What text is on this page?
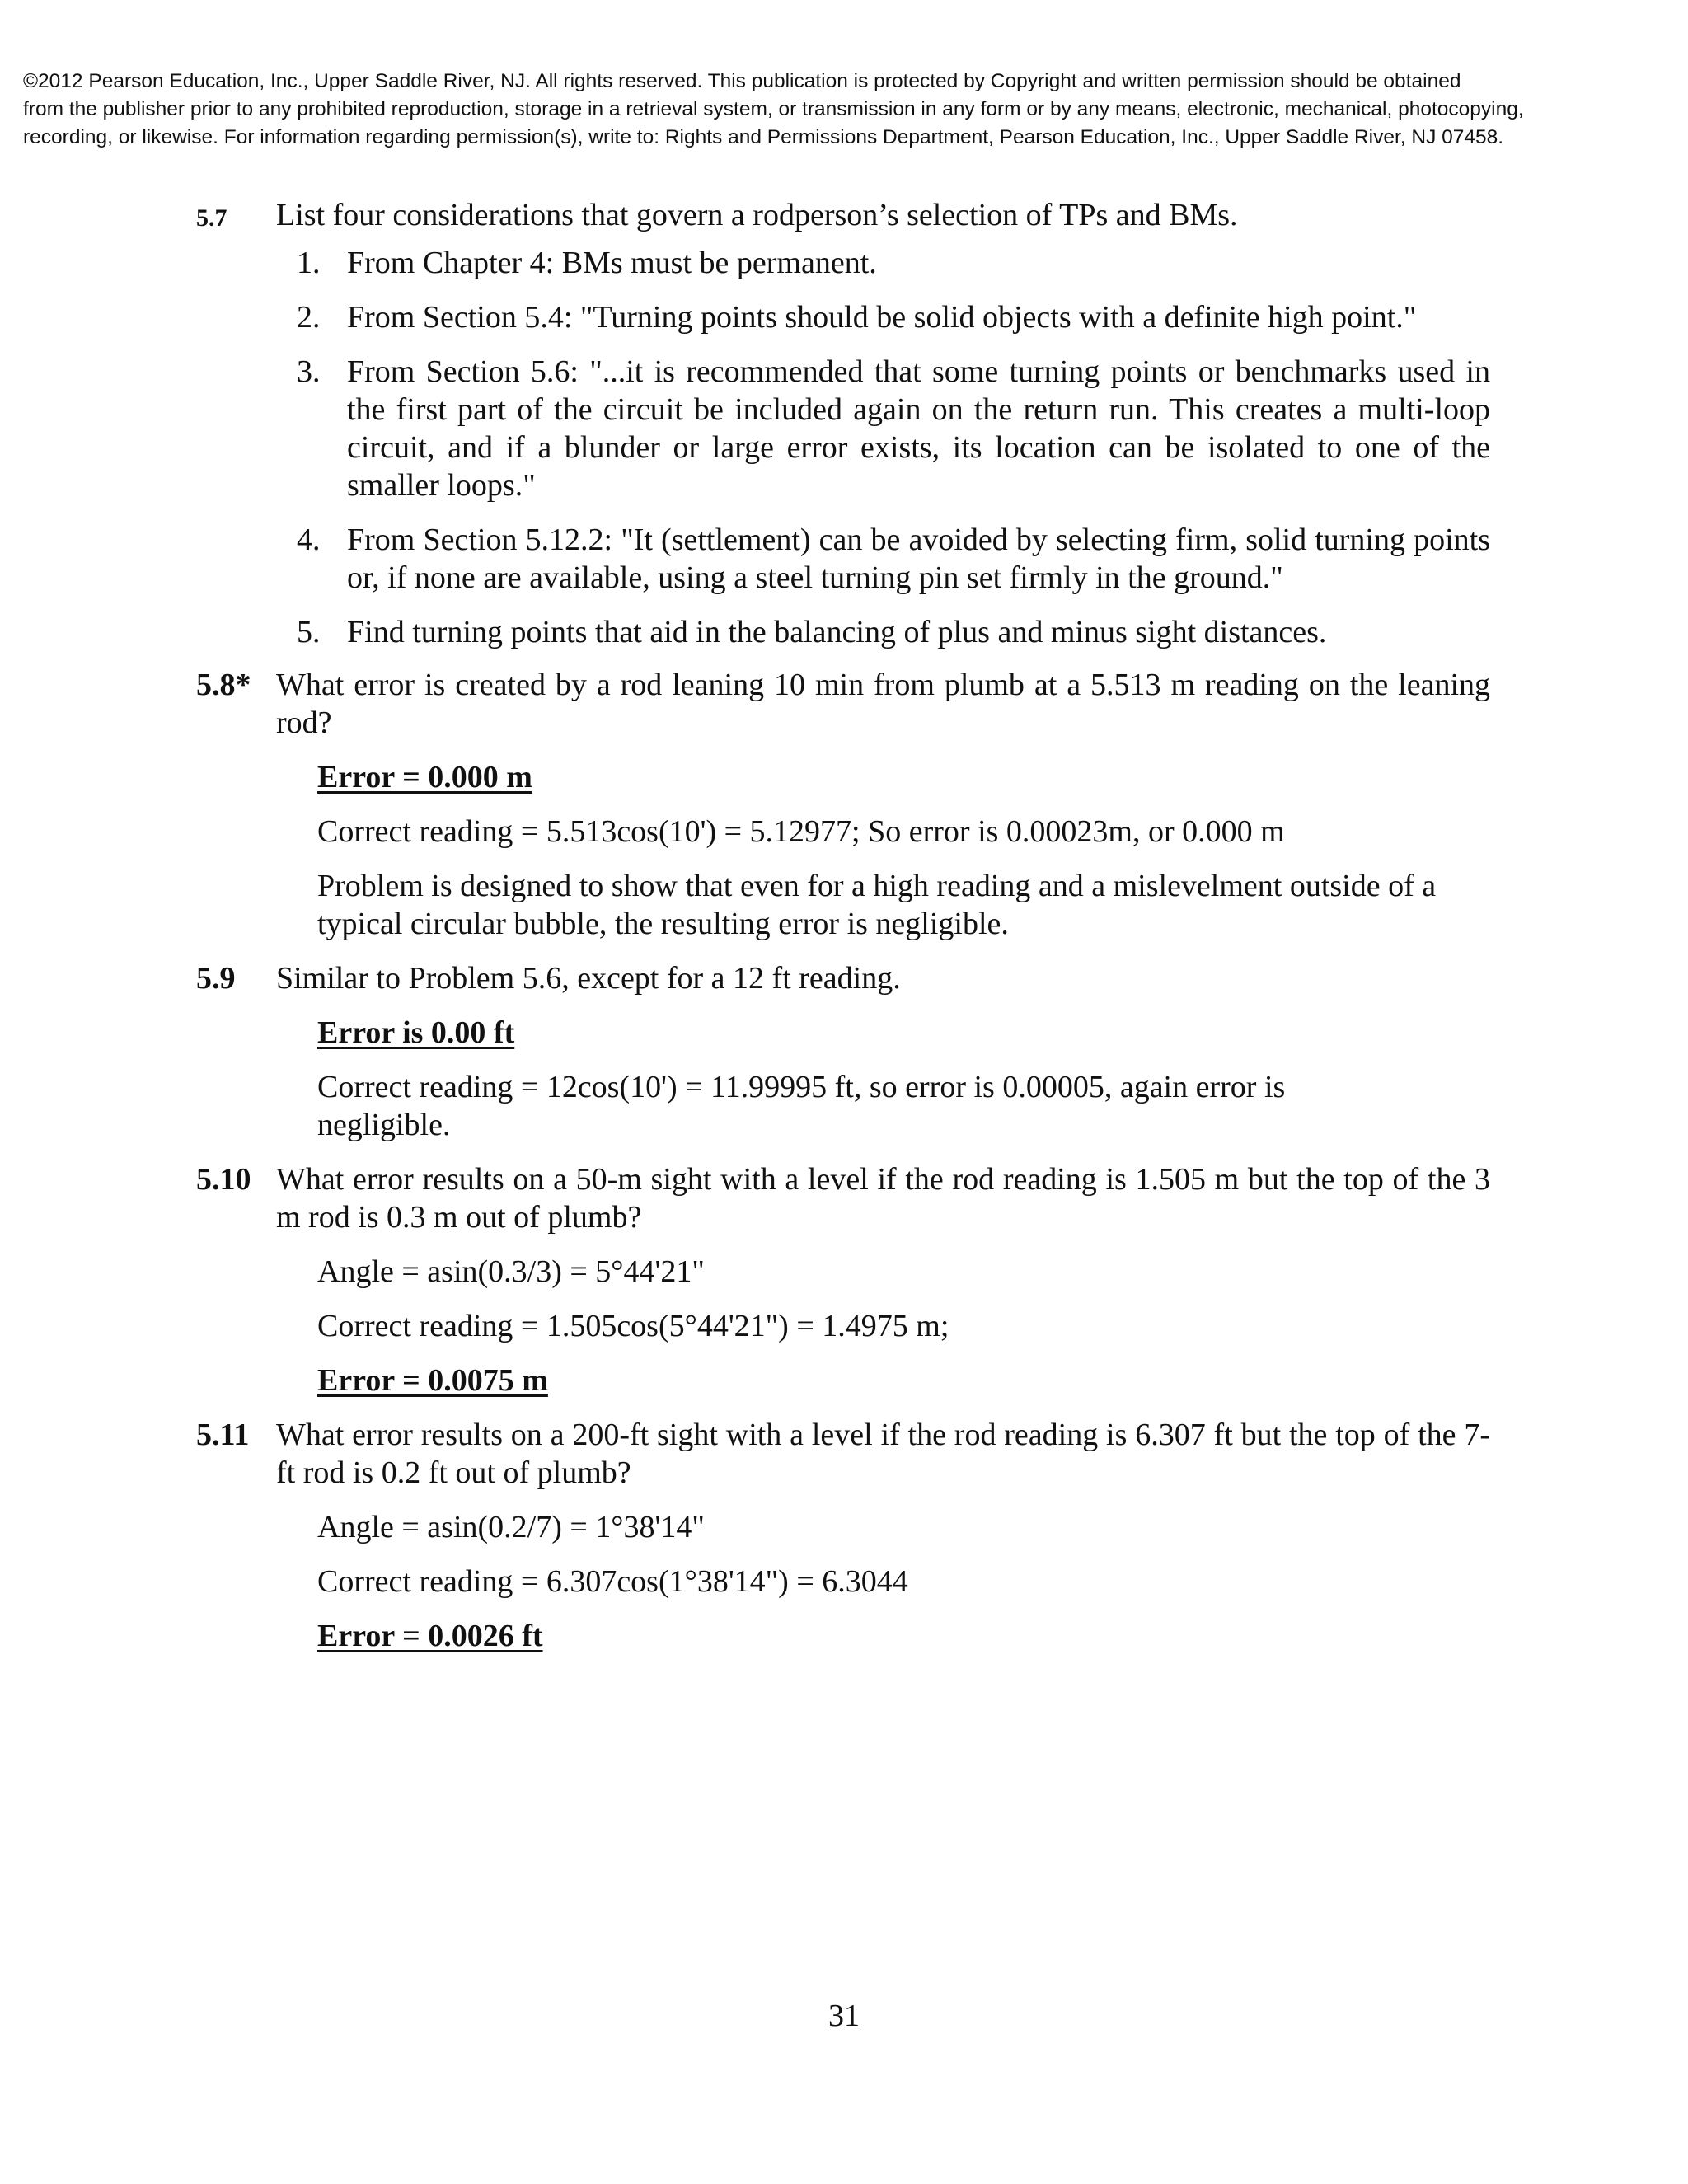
©2012 Pearson Education, Inc., Upper Saddle River, NJ. All rights reserved. This publication is protected by Copyright and written permission should be obtained
from the publisher prior to any prohibited reproduction, storage in a retrieval system, or transmission in any form or by any means, electronic, mechanical, photocopying,
recording, or likewise. For information regarding permission(s), write to: Rights and Permissions Department, Pearson Education, Inc., Upper Saddle River, NJ 07458.
5.7 List four considerations that govern a rodperson’s selection of TPs and BMs.
1. From Chapter 4: BMs must be permanent.
2. From Section 5.4: "Turning points should be solid objects with a definite high point."
3. From Section 5.6: "...it is recommended that some turning points or benchmarks used in the first part of the circuit be included again on the return run. This creates a multi-loop circuit, and if a blunder or large error exists, its location can be isolated to one of the smaller loops."
4. From Section 5.12.2: "It (settlement) can be avoided by selecting firm, solid turning points or, if none are available, using a steel turning pin set firmly in the ground."
5. Find turning points that aid in the balancing of plus and minus sight distances.
5.8* What error is created by a rod leaning 10 min from plumb at a 5.513 m reading on the leaning rod?
Error = 0.000 m
Correct reading = 5.513cos(10') = 5.12977; So error is 0.00023m, or 0.000 m
Problem is designed to show that even for a high reading and a mislevelment outside of a typical circular bubble, the resulting error is negligible.
5.9 Similar to Problem 5.6, except for a 12 ft reading.
Error is 0.00 ft
Correct reading = 12cos(10') = 11.99995 ft, so error is 0.00005, again error is negligible.
5.10 What error results on a 50-m sight with a level if the rod reading is 1.505 m but the top of the 3 m rod is 0.3 m out of plumb?
Angle = asin(0.3/3) = 5°44'21"
Correct reading = 1.505cos(5°44'21") = 1.4975 m;
Error = 0.0075 m
5.11 What error results on a 200-ft sight with a level if the rod reading is 6.307 ft but the top of the 7-ft rod is 0.2 ft out of plumb?
Angle = asin(0.2/7) = 1°38'14"
Correct reading = 6.307cos(1°38'14") = 6.3044
Error = 0.0026 ft
31
